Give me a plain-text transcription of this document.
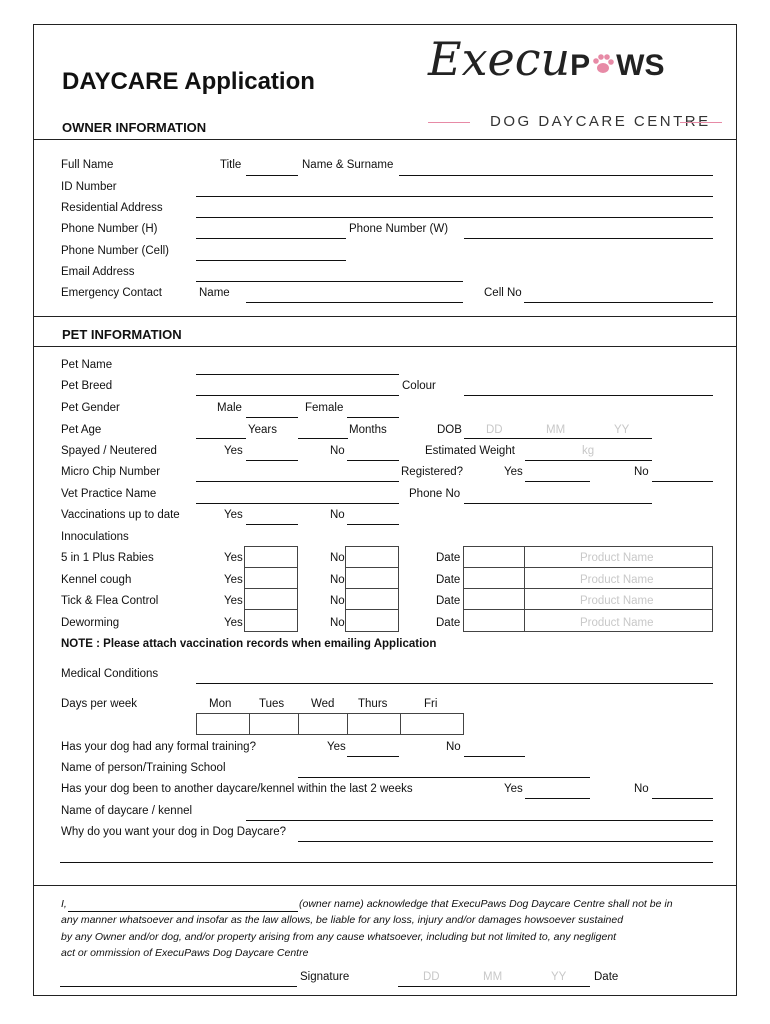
DAYCARE Application ExecuP WS
DOG DAYCARE CENTRE
OWNER INFORMATION
Full Name	Title	Name & Surname
ID Number
Residential Address
Phone Number (H)	Phone Number (W)
Phone Number (Cell)
Email Address
Emergency Contact	Name	Cell No
PET INFORMATION
Pet Name
Pet Breed	Colour
Pet Gender	Male	Female
Pet Age	Years	Months	DOB DD	MM	YY
Spayed / Neutered	Yes	No	Estimated Weight	kg
Micro Chip Number	Registered?	Yes	No
Vet Practice Name	Phone No
Vaccinations up to date	Yes	No
Innoculations
5 in 1 Plus Rabies	Yes	No	Date	Product Name
Kennel cough	Yes	No	Date	Product Name
Tick & Flea Control	Yes	No	Date	Product Name
Deworming	Yes	No	Date	Product Name
NOTE : Please attach vaccination records when emailing Application
Medical Conditions
Days per week	Mon Tues Wed Thurs	Fri
Has your dog had any formal training?	Yes	No
Name of person/Training School
Has your dog been to another daycare/kennel within the last 2 weeks	Yes	No
Name of daycare / kennel
Why do you want your dog in Dog Daycare?
I,	(owner name) acknowledge that ExecuPaws Dog Daycare Centre shall not be in
any manner whatsoever and insofar as the law allows, be liable for any loss, injury and/or damages howsoever sustained
by any Owner and/or dog, and/or property arising from any cause whatsoever, including but not limited to, any negligent
act or ommission of ExecuPaws Dog Daycare Centre
Signature	DD	MM	YY Date
